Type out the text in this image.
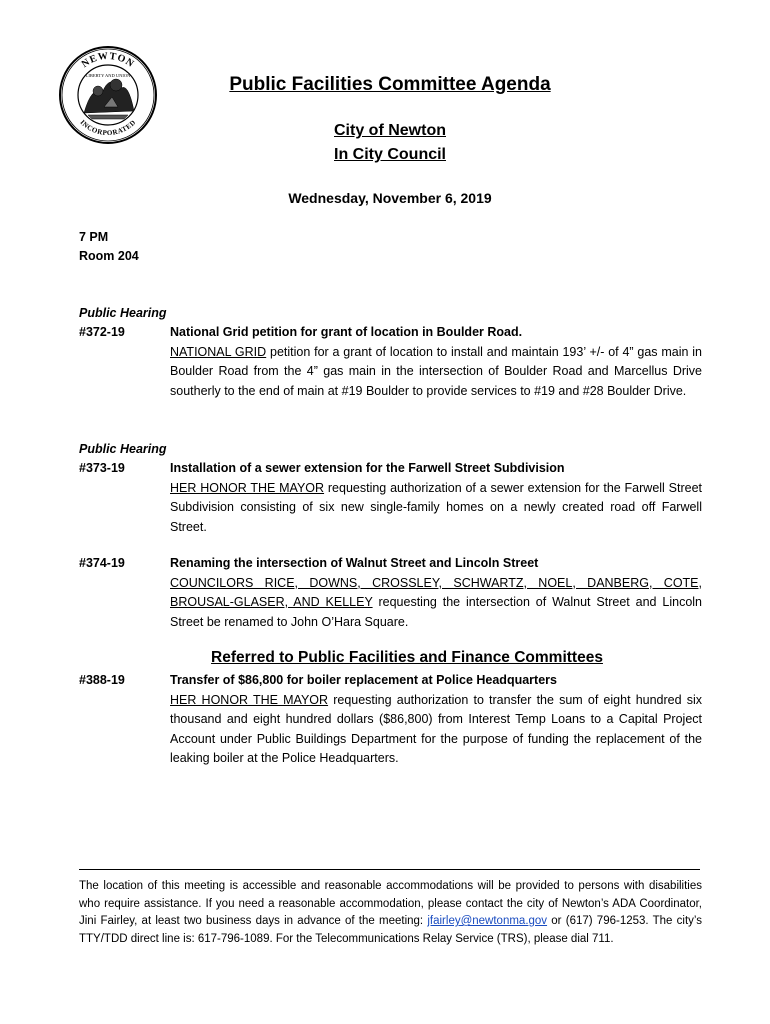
NEWTON
INCORPORATED
LIBERTY AND UNION	Public Facilities Committee Agenda
City of Newton
In City Council
Wednesday, November 6, 2019
7 PM
Room 204
Public Hearing
#372-19	National Grid petition for grant of location in Boulder Road.
NATIONAL GRID petition for a grant of location to install and maintain 193’ +/- of 4” gas main in Boulder Road from the 4” gas main in the intersection of Boulder Road and Marcellus Drive southerly to the end of main at #19 Boulder to provide services to #19 and #28 Boulder Drive.
Public Hearing
#373-19	Installation of a sewer extension for the Farwell Street Subdivision
HER HONOR THE MAYOR requesting authorization of a sewer extension for the Farwell Street Subdivision consisting of six new single-family homes on a newly created road off Farwell Street.
#374-19	Renaming the intersection of Walnut Street and Lincoln Street
COUNCILORS RICE, DOWNS, CROSSLEY, SCHWARTZ, NOEL, DANBERG, COTE, BROUSAL-GLASER, AND KELLEY requesting the intersection of Walnut Street and Lincoln Street be renamed to John O’Hara Square.
Referred to Public Facilities and Finance Committees
#388-19	Transfer of $86,800 for boiler replacement at Police Headquarters
HER HONOR THE MAYOR requesting authorization to transfer the sum of eight hundred six thousand and eight hundred dollars ($86,800) from Interest Temp Loans to a Capital Project Account under Public Buildings Department for the purpose of funding the replacement of the leaking boiler at the Police Headquarters.
The location of this meeting is accessible and reasonable accommodations will be provided to persons with disabilities who require assistance. If you need a reasonable accommodation, please contact the city of Newton’s ADA Coordinator, Jini Fairley, at least two business days in advance of the meeting: jfairley@newtonma.gov or (617) 796-1253. The city’s TTY/TDD direct line is: 617-796-1089. For the Telecommunications Relay Service (TRS), please dial 711.
